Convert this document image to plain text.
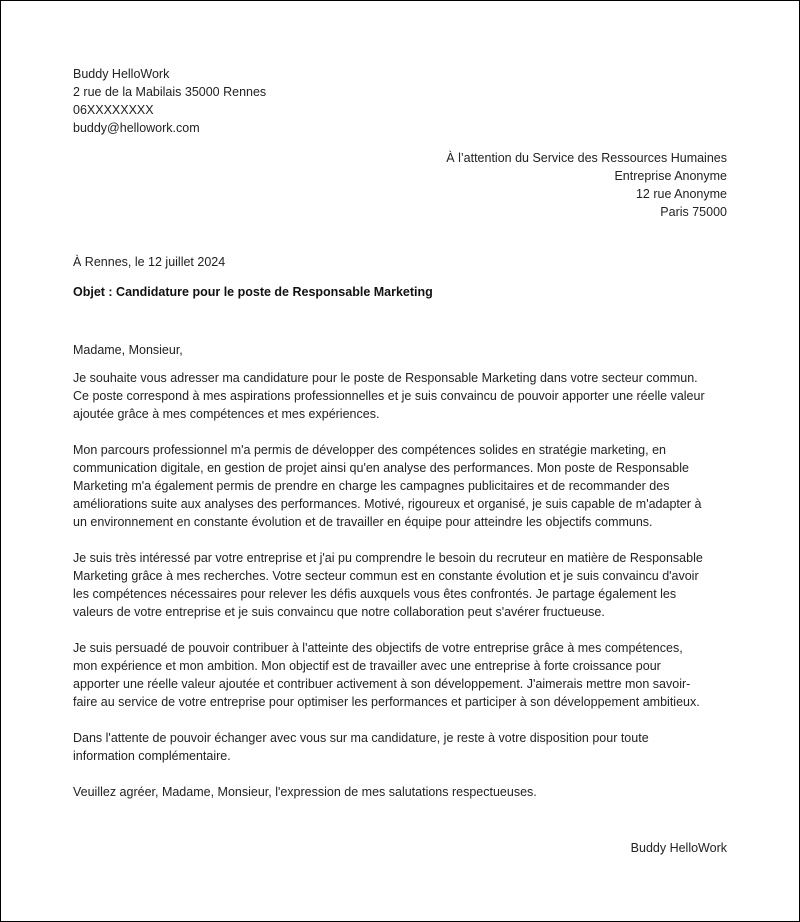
Buddy HelloWork
2 rue de la Mabilais 35000 Rennes
06XXXXXXXX
buddy@hellowork.com
À l’attention du Service des Ressources Humaines
Entreprise Anonyme
12 rue Anonyme
Paris 75000
À Rennes, le 12 juillet 2024
Objet : Candidature pour le poste de Responsable Marketing

Madame, Monsieur,

Je souhaite vous adresser ma candidature pour le poste de Responsable Marketing dans votre secteur commun.
Ce poste correspond à mes aspirations professionnelles et je suis convaincu de pouvoir apporter une réelle valeur
ajoutée grâce à mes compétences et mes expériences.

Mon parcours professionnel m'a permis de développer des compétences solides en stratégie marketing, en
communication digitale, en gestion de projet ainsi qu'en analyse des performances. Mon poste de Responsable
Marketing m'a également permis de prendre en charge les campagnes publicitaires et de recommander des
améliorations suite aux analyses des performances. Motivé, rigoureux et organisé, je suis capable de m'adapter à
un environnement en constante évolution et de travailler en équipe pour atteindre les objectifs communs.

Je suis très intéressé par votre entreprise et j'ai pu comprendre le besoin du recruteur en matière de Responsable
Marketing grâce à mes recherches. Votre secteur commun est en constante évolution et je suis convaincu d'avoir
les compétences nécessaires pour relever les défis auxquels vous êtes confrontés. Je partage également les
valeurs de votre entreprise et je suis convaincu que notre collaboration peut s'avérer fructueuse.

Je suis persuadé de pouvoir contribuer à l'atteinte des objectifs de votre entreprise grâce à mes compétences,
mon expérience et mon ambition. Mon objectif est de travailler avec une entreprise à forte croissance pour
apporter une réelle valeur ajoutée et contribuer activement à son développement. J'aimerais mettre mon savoir-
faire au service de votre entreprise pour optimiser les performances et participer à son développement ambitieux.

Dans l'attente de pouvoir échanger avec vous sur ma candidature, je reste à votre disposition pour toute
information complémentaire.

Veuillez agréer, Madame, Monsieur, l'expression de mes salutations respectueuses.

Buddy HelloWork
